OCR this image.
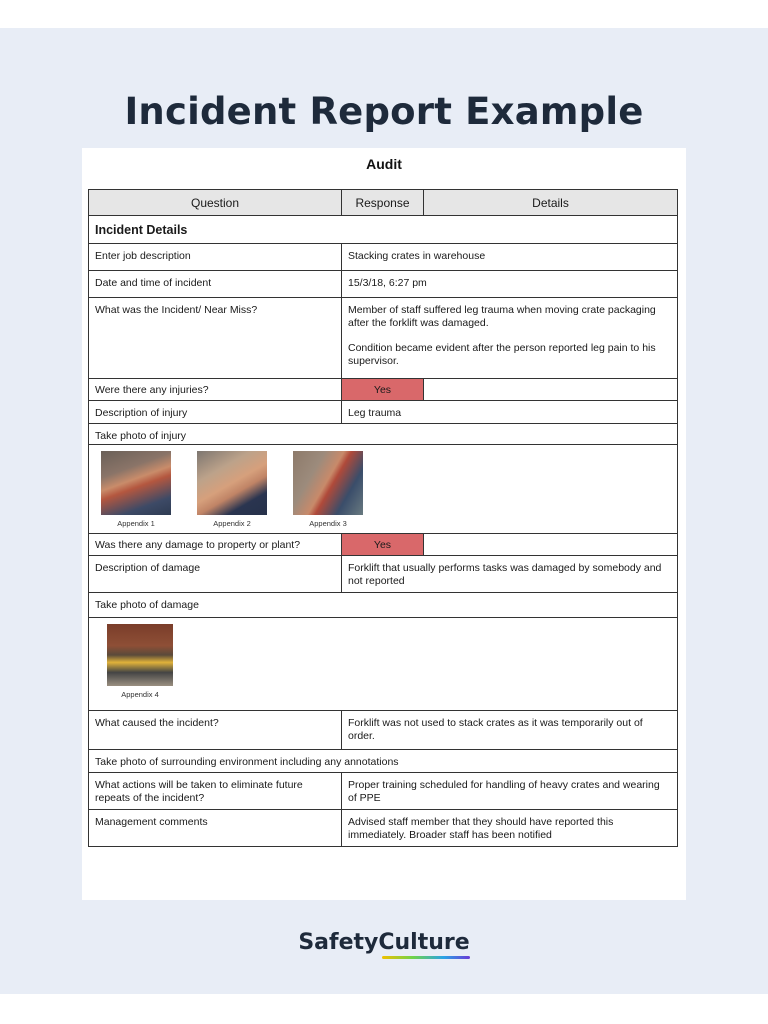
Incident Report Example
Audit
Question	Response	Details
Incident Details		
Enter job description	Stacking crates in warehouse	
Date and time of incident	15/3/18, 6:27 pm	
What was the Incident/ Near Miss?	Member of staff suffered leg trauma when moving crate packaging after the forklift was damaged.

Condition became evident after the person reported leg pain to his supervisor.	

Were there any injuries?	Yes	
Description of injury	Leg trauma	
Take photo of injury		

Appendix 1 Appendix 2 Appendix 3		
Was there any damage to property or plant?	Yes	
Description of damage	Forklift that usually performs tasks was damaged by somebody and not reported	
Take photo of damage		

Appendix 4		
What caused the incident?	Forklift was not used to stack crates as it was temporarily out of order.	
Take photo of surrounding environment including any annotations		
What actions will be taken to eliminate future repeats of the incident?	Proper training scheduled for handling of heavy crates and wearing of PPE	
Management comments	Advised staff member that they should have reported this immediately. Broader staff has been notified	
SafetyCulture
